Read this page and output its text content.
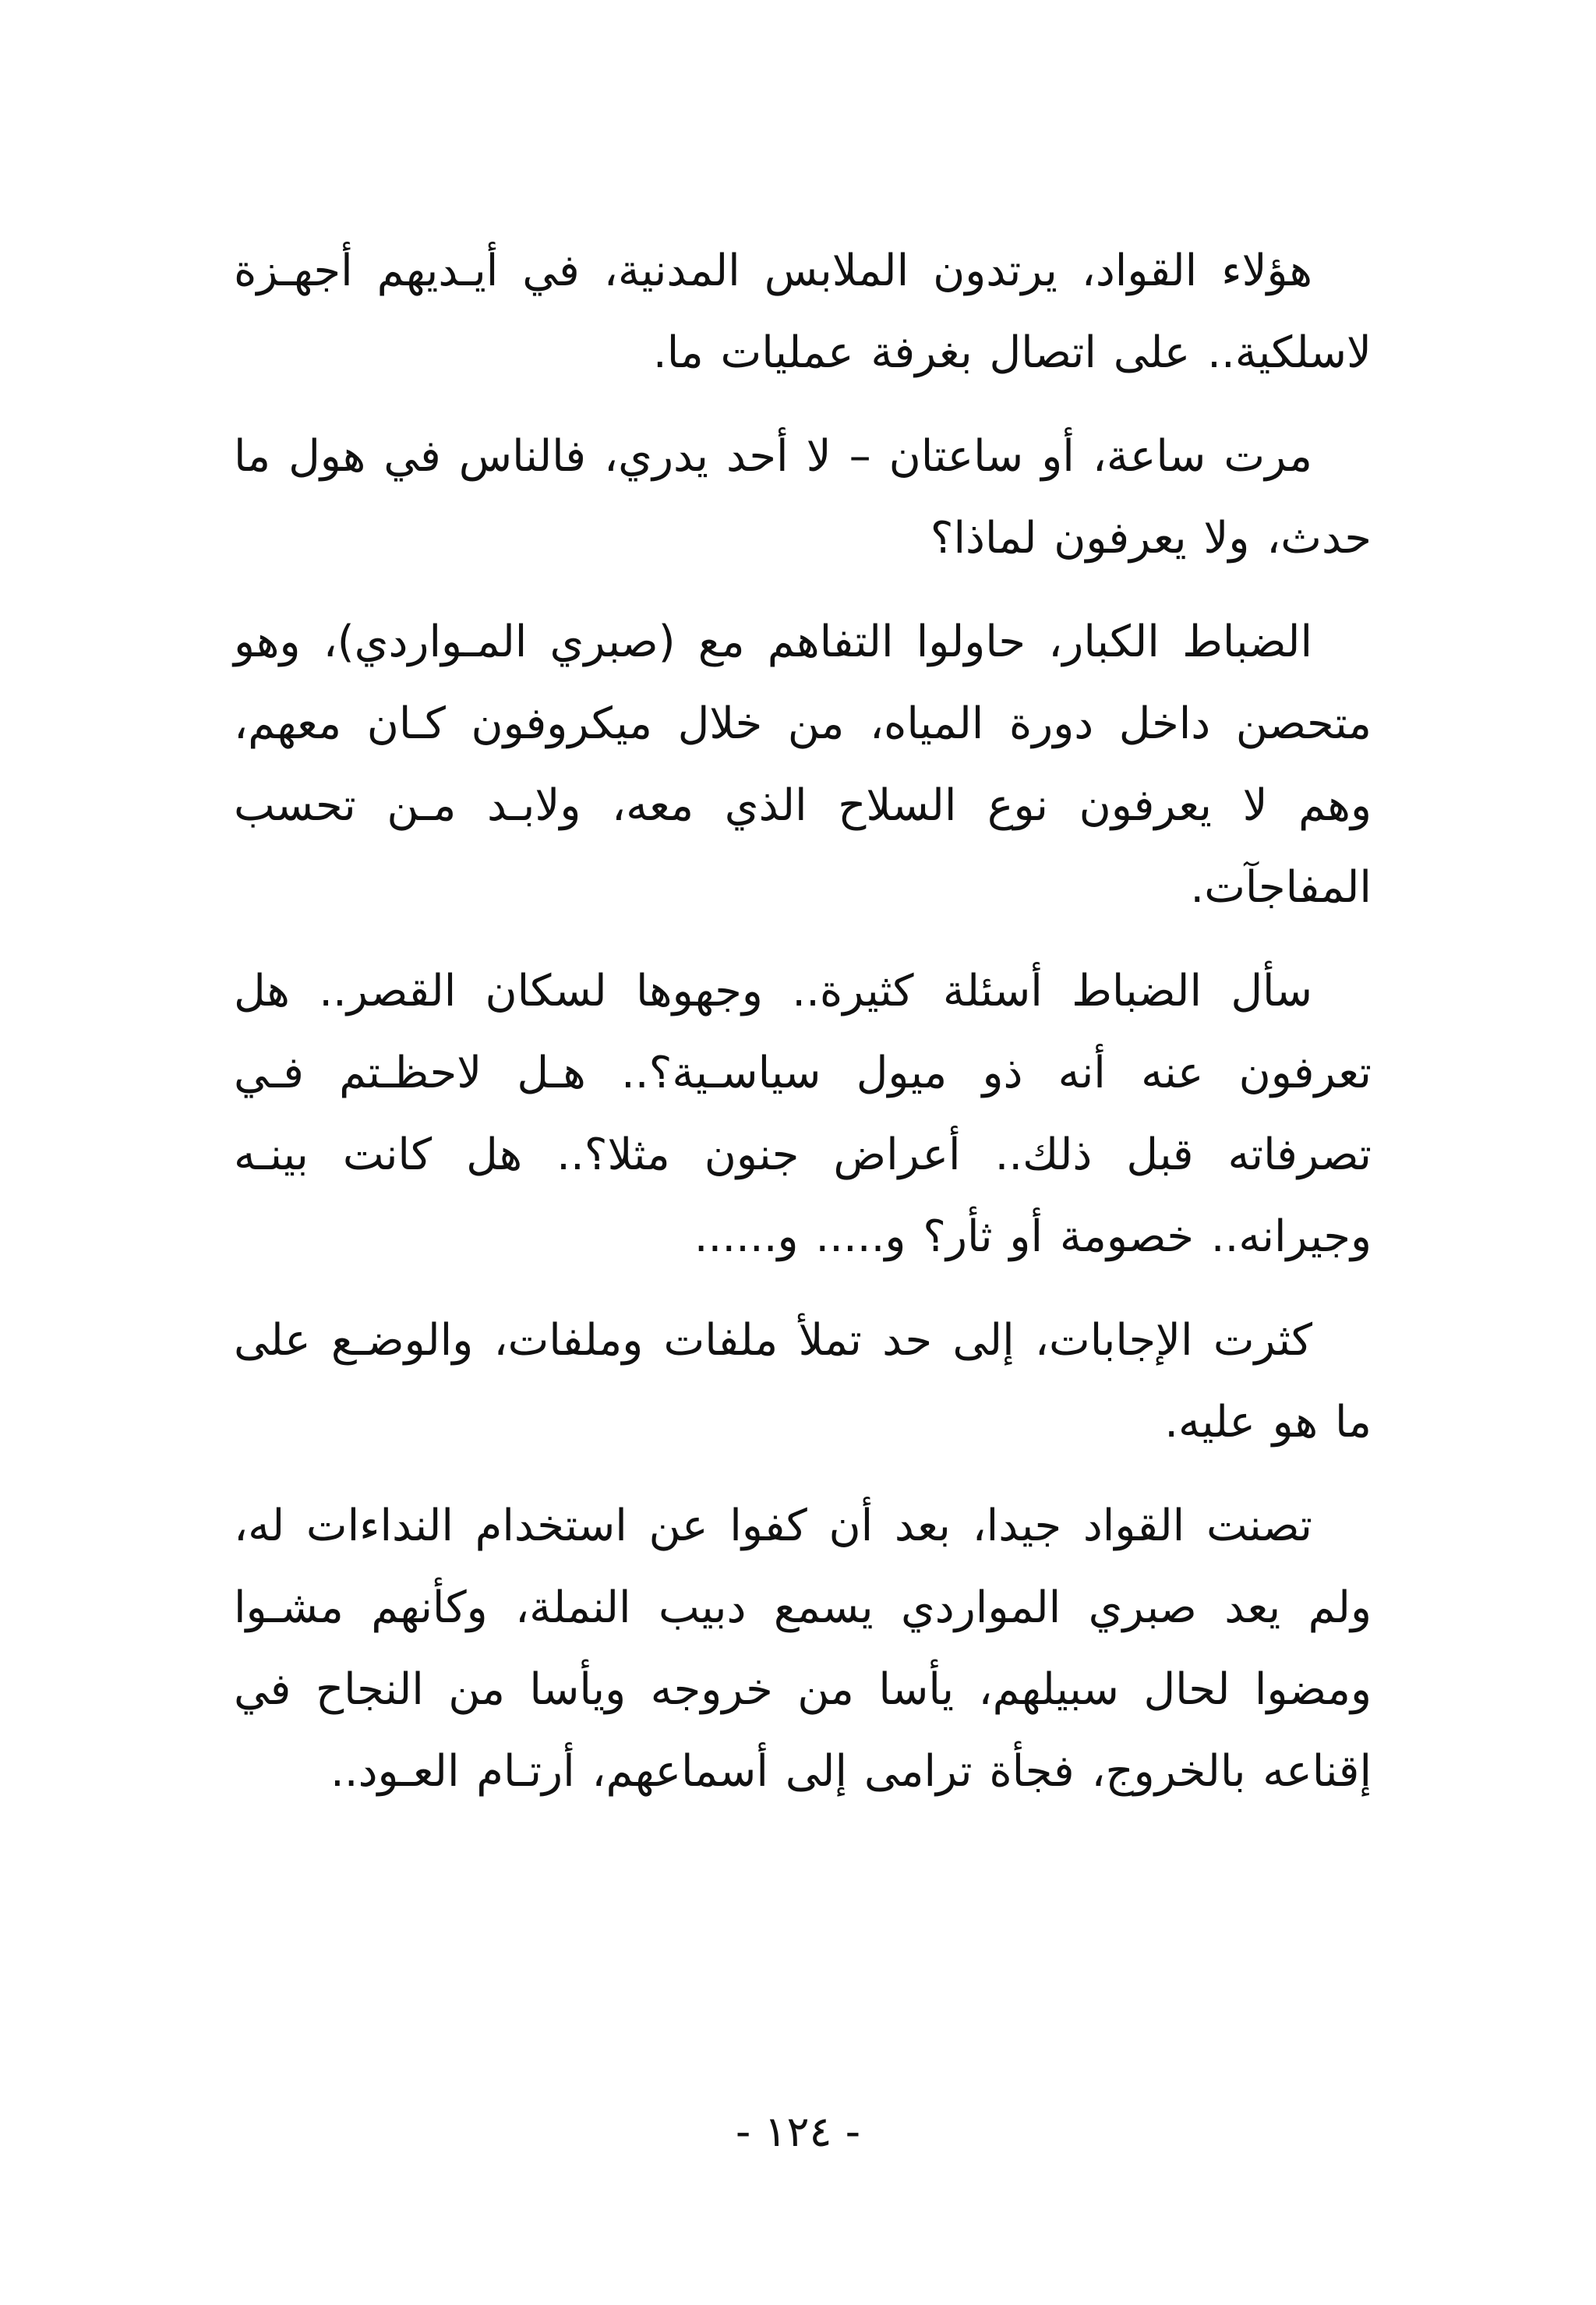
هؤلاء القواد، يرتدون الملابس المدنية، في أيـديهم أجهـزة لاسلكية.. على اتصال بغرفة عمليات ما.

مرت ساعة، أو ساعتان – لا أحد يدري، فالناس في هول ما حدث، ولا يعرفون لماذا؟

الضباط الكبار، حاولوا التفاهم مع (صبري المـواردي)، وهو متحصن داخل دورة المياه، من خلال ميكروفون كـان معهم، وهم لا يعرفون نوع السلاح الذي معه، ولابـد مـن تحسب المفاجآت.

سأل الضباط أسئلة كثيرة.. وجهوها لسكان القصر.. هل تعرفون عنه أنه ذو ميول سياسـية؟.. هـل لاحظـتم فـي تصرفاته قبل ذلك.. أعراض جنون مثلا؟.. هل كانت بينـه وجيرانه.. خصومة أو ثأر؟ و..... و......

كثرت الإجابات، إلى حد تملأ ملفات وملفات، والوضـع على ما هو عليه.

تصنت القواد جيدا، بعد أن كفوا عن استخدام النداءات له، ولم يعد صبري المواردي يسمع دبيب النملة، وكأنهم مشـوا ومضوا لحال سبيلهم، يأسا من خروجه ويأسا من النجاح في إقناعه بالخروج، فجأة ترامى إلى أسماعهم، أرتـام العـود..

- ١٢٤ -
